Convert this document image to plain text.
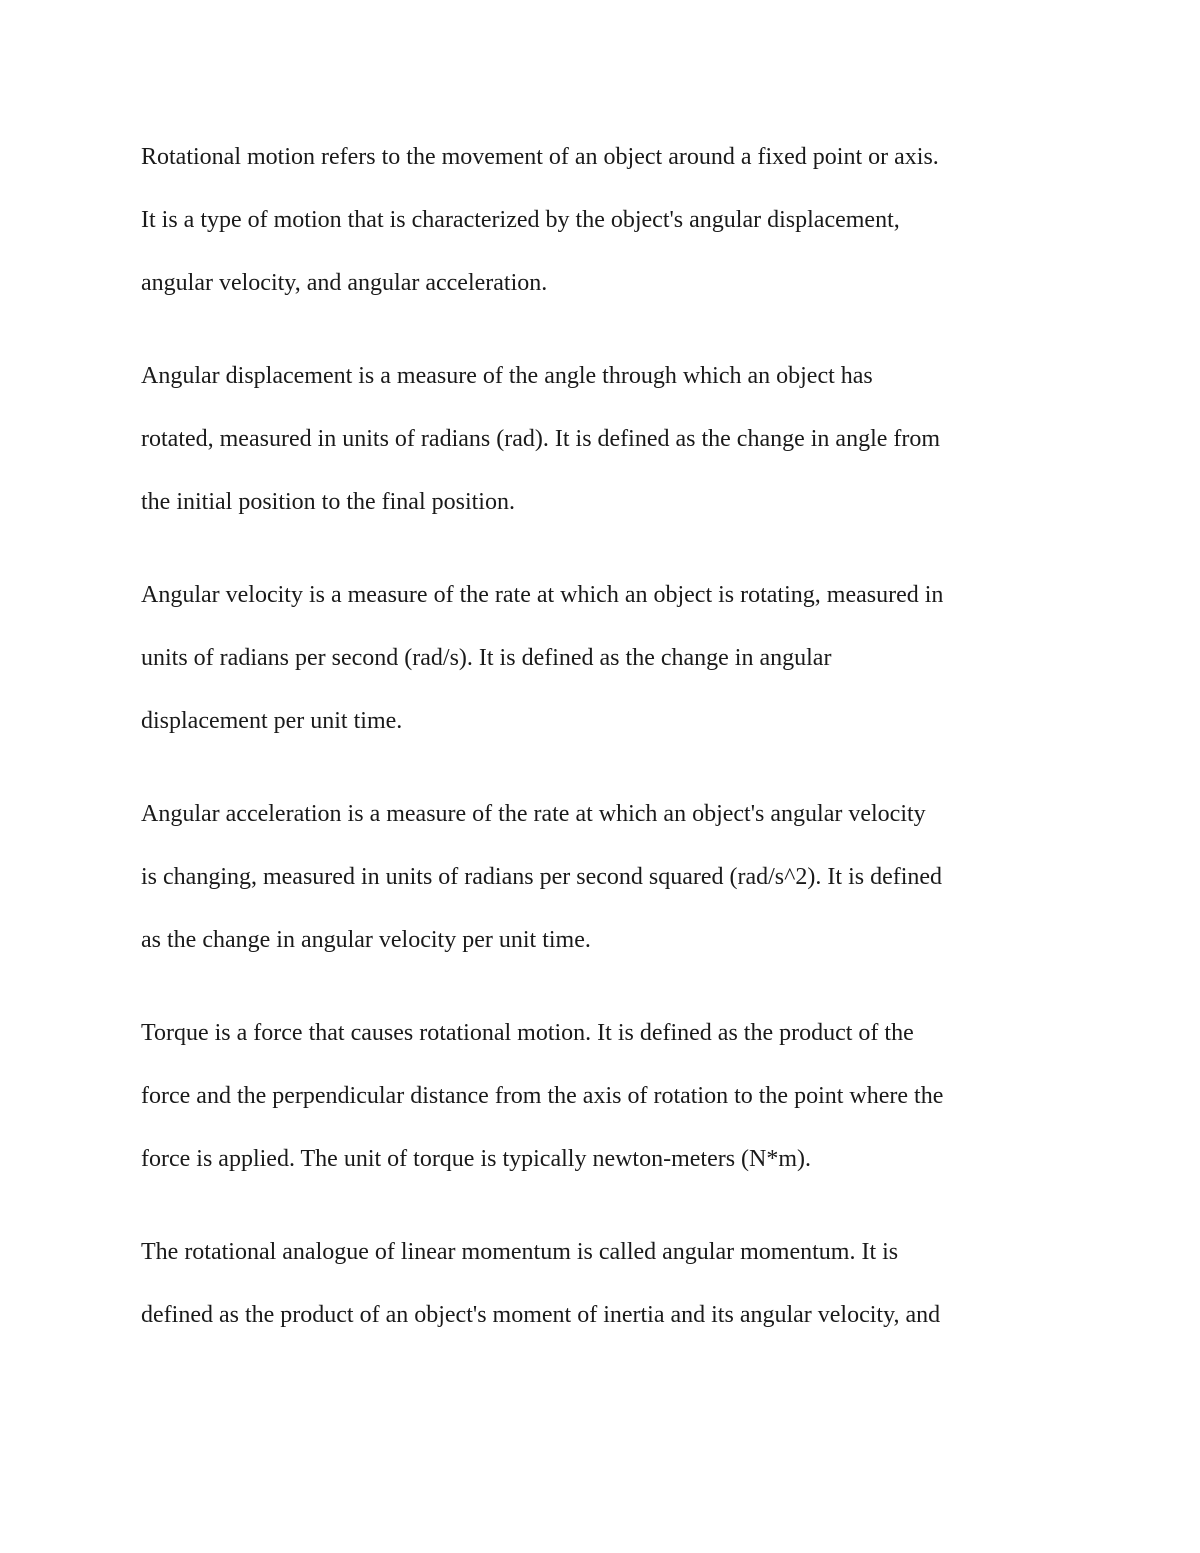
Rotational motion refers to the movement of an object around a fixed point or axis.
It is a type of motion that is characterized by the object's angular displacement,
angular velocity, and angular acceleration.

Angular displacement is a measure of the angle through which an object has
rotated, measured in units of radians (rad). It is defined as the change in angle from
the initial position to the final position.

Angular velocity is a measure of the rate at which an object is rotating, measured in
units of radians per second (rad/s). It is defined as the change in angular
displacement per unit time.

Angular acceleration is a measure of the rate at which an object's angular velocity
is changing, measured in units of radians per second squared (rad/s^2). It is defined
as the change in angular velocity per unit time.

Torque is a force that causes rotational motion. It is defined as the product of the
force and the perpendicular distance from the axis of rotation to the point where the
force is applied. The unit of torque is typically newton-meters (N*m).

The rotational analogue of linear momentum is called angular momentum. It is
defined as the product of an object's moment of inertia and its angular velocity, and
